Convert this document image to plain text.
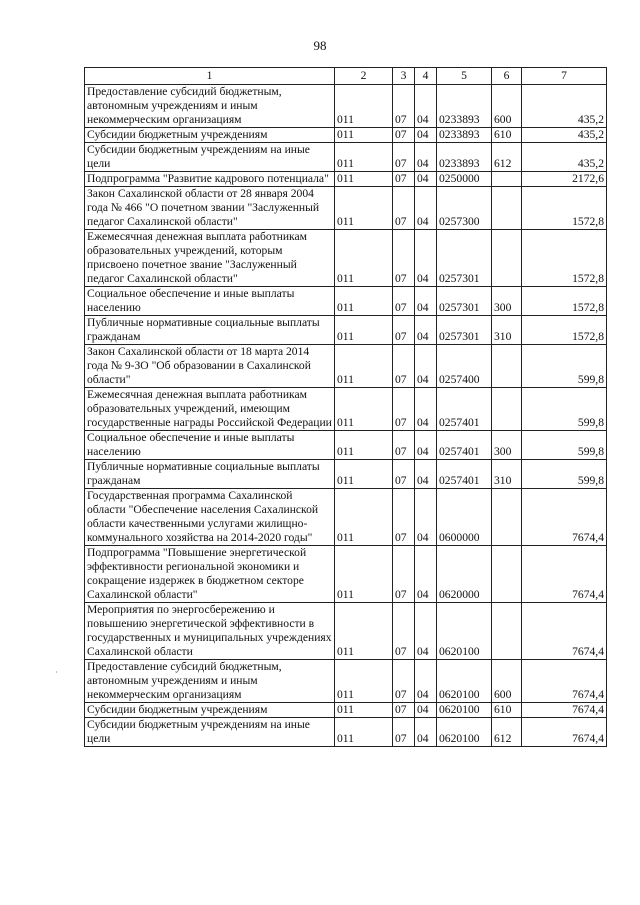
98
1	2	3	4	5	6	7
Предоставление субсидий бюджетным, автономным учреждениям и иным некоммерческим организациям	011	07	04	0233893	600	435,2
Субсидии бюджетным учреждениям	011	07	04	0233893	610	435,2
Субсидии бюджетным учреждениям на иные цели	011	07	04	0233893	612	435,2
Подпрограмма "Развитие кадрового потенциала"	011	07	04	0250000		2172,6
Закон Сахалинской области от 28 января 2004 года № 466 "О почетном звании "Заслуженный педагог Сахалинской области"	011	07	04	0257300		1572,8
Ежемесячная денежная выплата работникам образовательных учреждений, которым присвоено почетное звание "Заслуженный педагог Сахалинской области"	011	07	04	0257301		1572,8
Социальное обеспечение и иные выплаты населению	011	07	04	0257301	300	1572,8
Публичные нормативные социальные выплаты гражданам	011	07	04	0257301	310	1572,8
Закон Сахалинской области от 18 марта 2014 года № 9-ЗО "Об образовании в Сахалинской области"	011	07	04	0257400		599,8
Ежемесячная денежная выплата работникам образовательных учреждений, имеющим государственные награды Российской Федерации	011	07	04	0257401		599,8
Социальное обеспечение и иные выплаты населению	011	07	04	0257401	300	599,8
Публичные нормативные социальные выплаты гражданам	011	07	04	0257401	310	599,8
Государственная программа Сахалинской области "Обеспечение населения Сахалинской области качественными услугами жилищно-коммунального хозяйства на 2014-2020 годы"	011	07	04	0600000		7674,4
Подпрограмма "Повышение энергетической эффективности региональной экономики и сокращение издержек в бюджетном секторе Сахалинской области"	011	07	04	0620000		7674,4
Мероприятия по энергосбережению и повышению энергетической эффективности в государственных и муниципальных учреждениях Сахалинской области	011	07	04	0620100		7674,4
Предоставление субсидий бюджетным, автономным учреждениям и иным некоммерческим организациям	011	07	04	0620100	600	7674,4
Субсидии бюджетным учреждениям	011	07	04	0620100	610	7674,4
Субсидии бюджетным учреждениям на иные цели	011	07	04	0620100	612	7674,4
·
